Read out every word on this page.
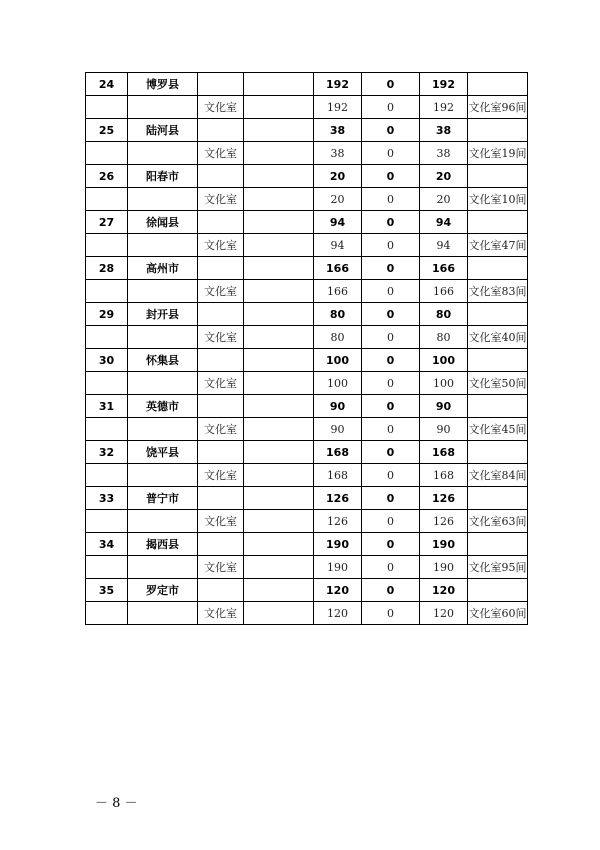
24	博罗县			192	0	192	
		文化室		192	0	192	文化室96间
25	陆河县			38	0	38	
		文化室		38	0	38	文化室19间
26	阳春市			20	0	20	
		文化室		20	0	20	文化室10间
27	徐闻县			94	0	94	
		文化室		94	0	94	文化室47间
28	高州市			166	0	166	
		文化室		166	0	166	文化室83间
29	封开县			80	0	80	
		文化室		80	0	80	文化室40间
30	怀集县			100	0	100	
		文化室		100	0	100	文化室50间
31	英德市			90	0	90	
		文化室		90	0	90	文化室45间
32	饶平县			168	0	168	
		文化室		168	0	168	文化室84间
33	普宁市			126	0	126	
		文化室		126	0	126	文化室63间
34	揭西县			190	0	190	
		文化室		190	0	190	文化室95间
35	罗定市			120	0	120	
		文化室		120	0	120	文化室60间
－ 8 －
